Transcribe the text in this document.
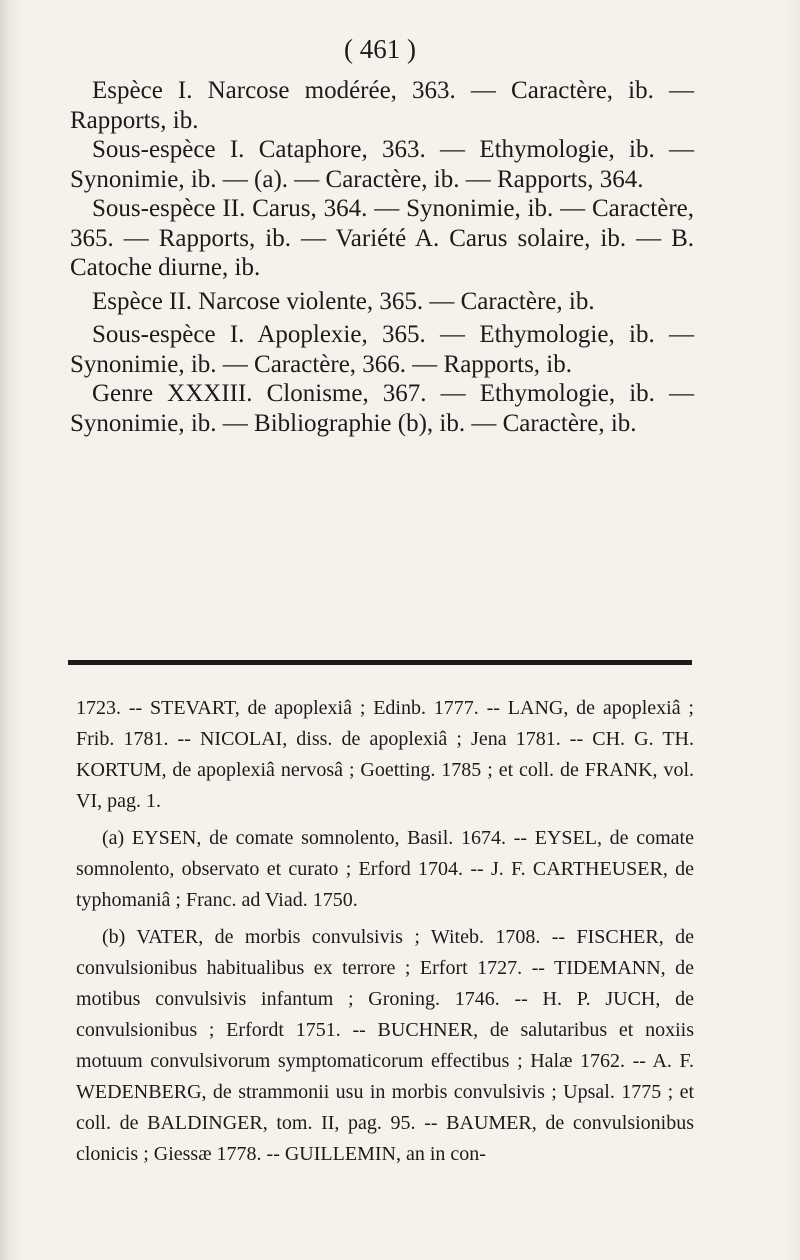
( 461 )

Espèce I. Narcose modérée, 363. — Caractère, ib. — Rapports, ib.

Sous-espèce I. Cataphore, 363. — Ethymologie, ib. — Synonimie, ib. — (a). — Caractère, ib. — Rapports, 364.

Sous-espèce II. Carus, 364. — Synonimie, ib. — Caractère, 365. — Rapports, ib. — Variété A. Carus solaire, ib. — B. Catoche diurne, ib.

Espèce II. Narcose violente, 365. — Caractère, ib.

Sous-espèce I. Apoplexie, 365. — Ethymologie, ib. — Synonimie, ib. — Caractère, 366. — Rapports, ib.

Genre XXXIII. Clonisme, 367. — Ethymologie, ib. — Synonimie, ib. — Bibliographie (b), ib. — Caractère, ib.

1723. -- STEVART, de apoplexiâ ; Edinb. 1777. -- LANG, de apoplexiâ ; Frib. 1781. -- NICOLAI, diss. de apoplexiâ ; Jena 1781. -- CH. G. TH. KORTUM, de apoplexiâ nervosâ ; Goetting. 1785 ; et coll. de FRANK, vol. VI, pag. 1.

(a) EYSEN, de comate somnolento, Basil. 1674. -- EYSEL, de comate somnolento, observato et curato ; Erford 1704. -- J. F. CARTHEUSER, de typhomaniâ ; Franc. ad Viad. 1750.

(b) VATER, de morbis convulsivis ; Witeb. 1708. -- FISCHER, de convulsionibus habitualibus ex terrore ; Erfort 1727. -- TIDEMANN, de motibus convulsivis infantum ; Groning. 1746. -- H. P. JUCH, de convulsionibus ; Erfordt 1751. -- BUCHNER, de salutaribus et noxiis motuum convulsivorum symptomaticorum effectibus ; Halæ 1762. -- A. F. WEDENBERG, de strammonii usu in morbis convulsivis ; Upsal. 1775 ; et coll. de BALDINGER, tom. II, pag. 95. -- BAUMER, de convulsionibus clonicis ; Giessæ 1778. -- GUILLEMIN, an in con-
